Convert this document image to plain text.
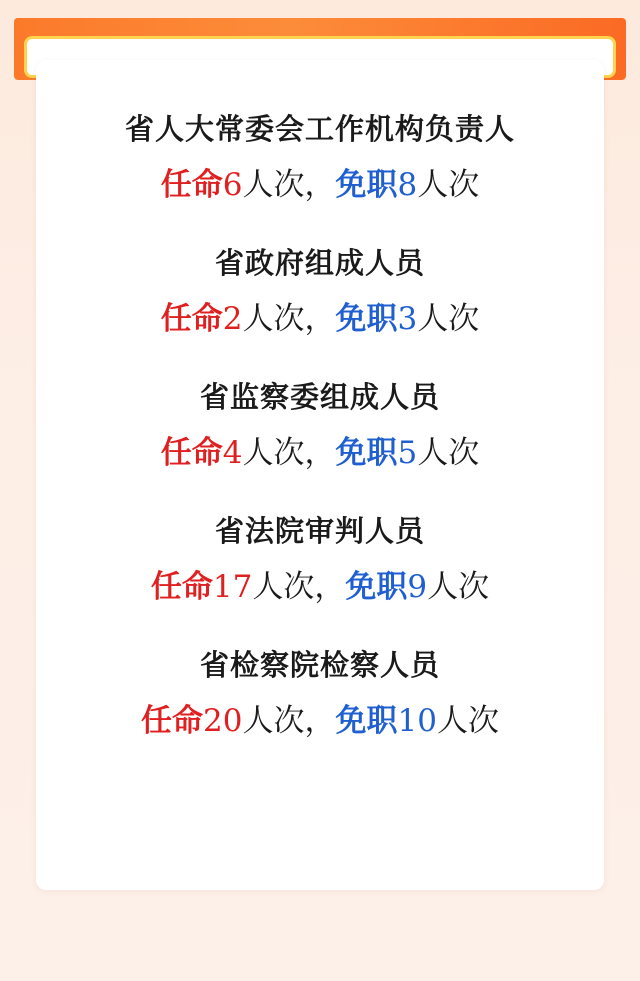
省人大常委会工作机构负责人
任命6人次，免职8人次
省政府组成人员
任命2人次，免职3人次
省监察委组成人员
任命4人次，免职5人次
省法院审判人员
任命17人次，免职9人次
省检察院检察人员
任命20人次，免职10人次
